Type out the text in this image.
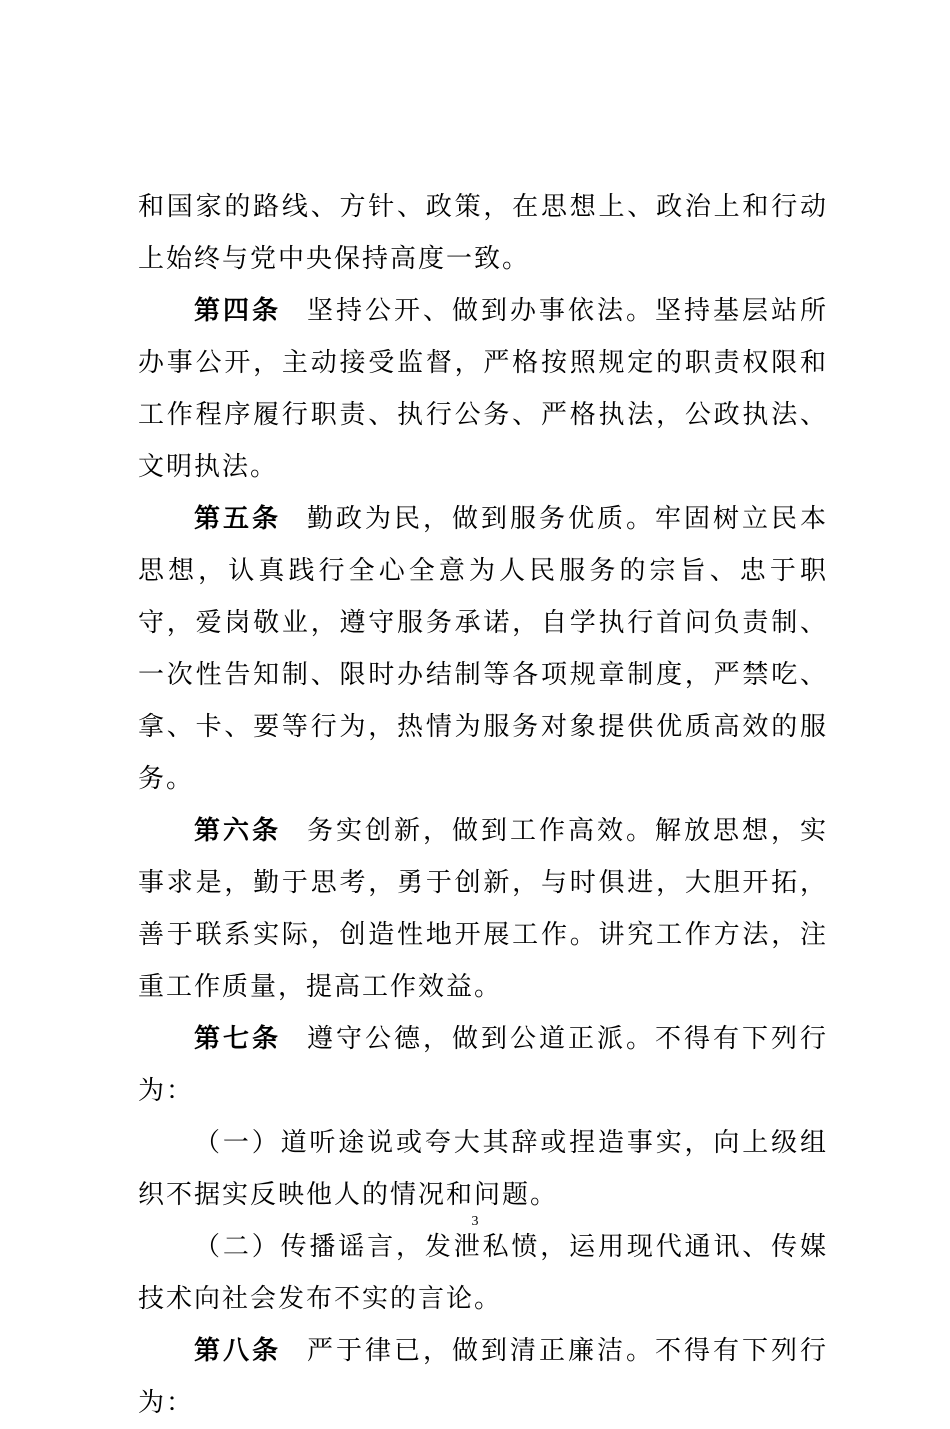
和国家的路线、方针、政策，在思想上、政治上和行动上始终与党中央保持高度一致。

第四条 坚持公开、做到办事依法。坚持基层站所办事公开，主动接受监督，严格按照规定的职责权限和工作程序履行职责、执行公务、严格执法，公政执法、文明执法。

第五条 勤政为民，做到服务优质。牢固树立民本思想，认真践行全心全意为人民服务的宗旨、忠于职守，爱岗敬业，遵守服务承诺，自学执行首问负责制、一次性告知制、限时办结制等各项规章制度，严禁吃、拿、卡、要等行为，热情为服务对象提供优质高效的服务。

第六条 务实创新，做到工作高效。解放思想，实事求是，勤于思考，勇于创新，与时俱进，大胆开拓，善于联系实际，创造性地开展工作。讲究工作方法，注重工作质量，提高工作效益。

第七条 遵守公德，做到公道正派。不得有下列行为：

（一）道听途说或夸大其辞或捏造事实，向上级组织不据实反映他人的情况和问题。

（二）传播谣言，发泄私愤，运用现代通讯、传媒技术向社会发布不实的言论。

第八条 严于律已，做到清正廉洁。不得有下列行为：

3
